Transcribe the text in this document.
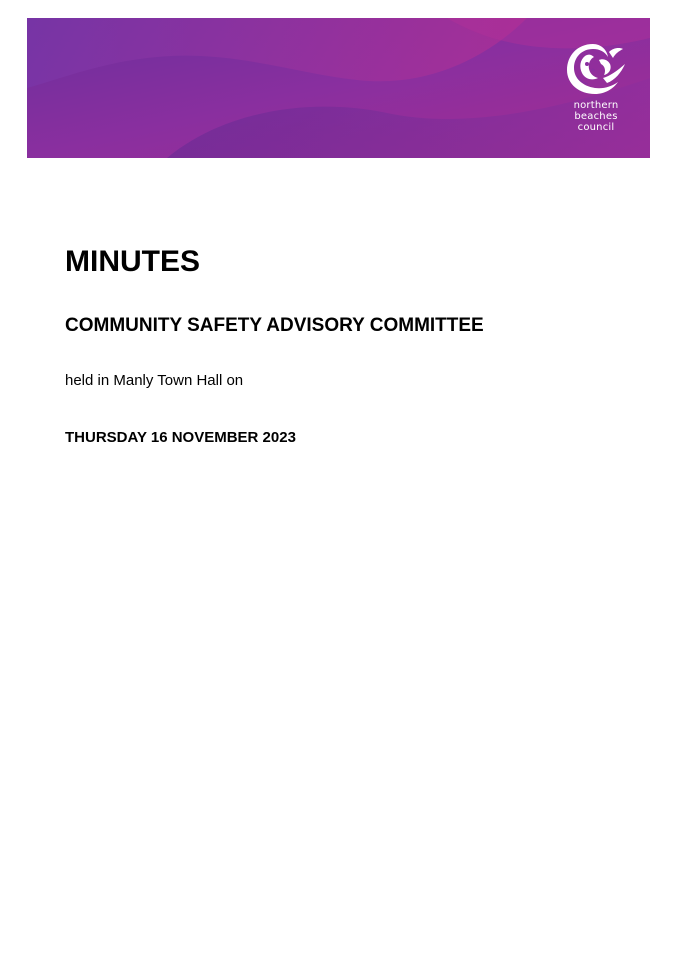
northern
beaches
council
MINUTES
COMMUNITY SAFETY ADVISORY COMMITTEE

held in Manly Town Hall on

THURSDAY 16 NOVEMBER 2023
